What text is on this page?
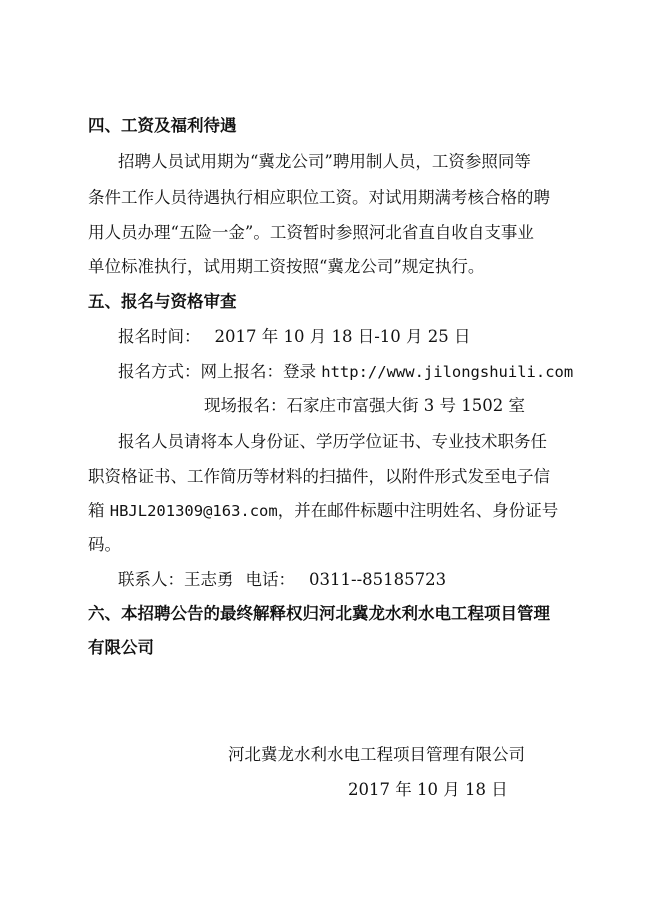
四、工资及福利待遇
招聘人员试用期为“冀龙公司”聘用制人员，工资参照同等
条件工作人员待遇执行相应职位工资。对试用期满考核合格的聘
用人员办理“五险一金”。工资暂时参照河北省直自收自支事业
单位标准执行，试用期工资按照“冀龙公司”规定执行。
五、报名与资格审查
报名时间： 2017 年 10 月 18 日-10 月 25 日
报名方式：网上报名：登录 http://www.jilongshuili.com
现场报名：石家庄市富强大街 3 号 1502 室
报名人员请将本人身份证、学历学位证书、专业技术职务任
职资格证书、工作简历等材料的扫描件，以附件形式发至电子信
箱 HBJL201309@163.com，并在邮件标题中注明姓名、身份证号
码。
联系人：王志勇 电话： 0311--85185723
六、本招聘公告的最终解释权归河北冀龙水利水电工程项目管理
有限公司
河北冀龙水利水电工程项目管理有限公司
2017 年 10 月 18 日
